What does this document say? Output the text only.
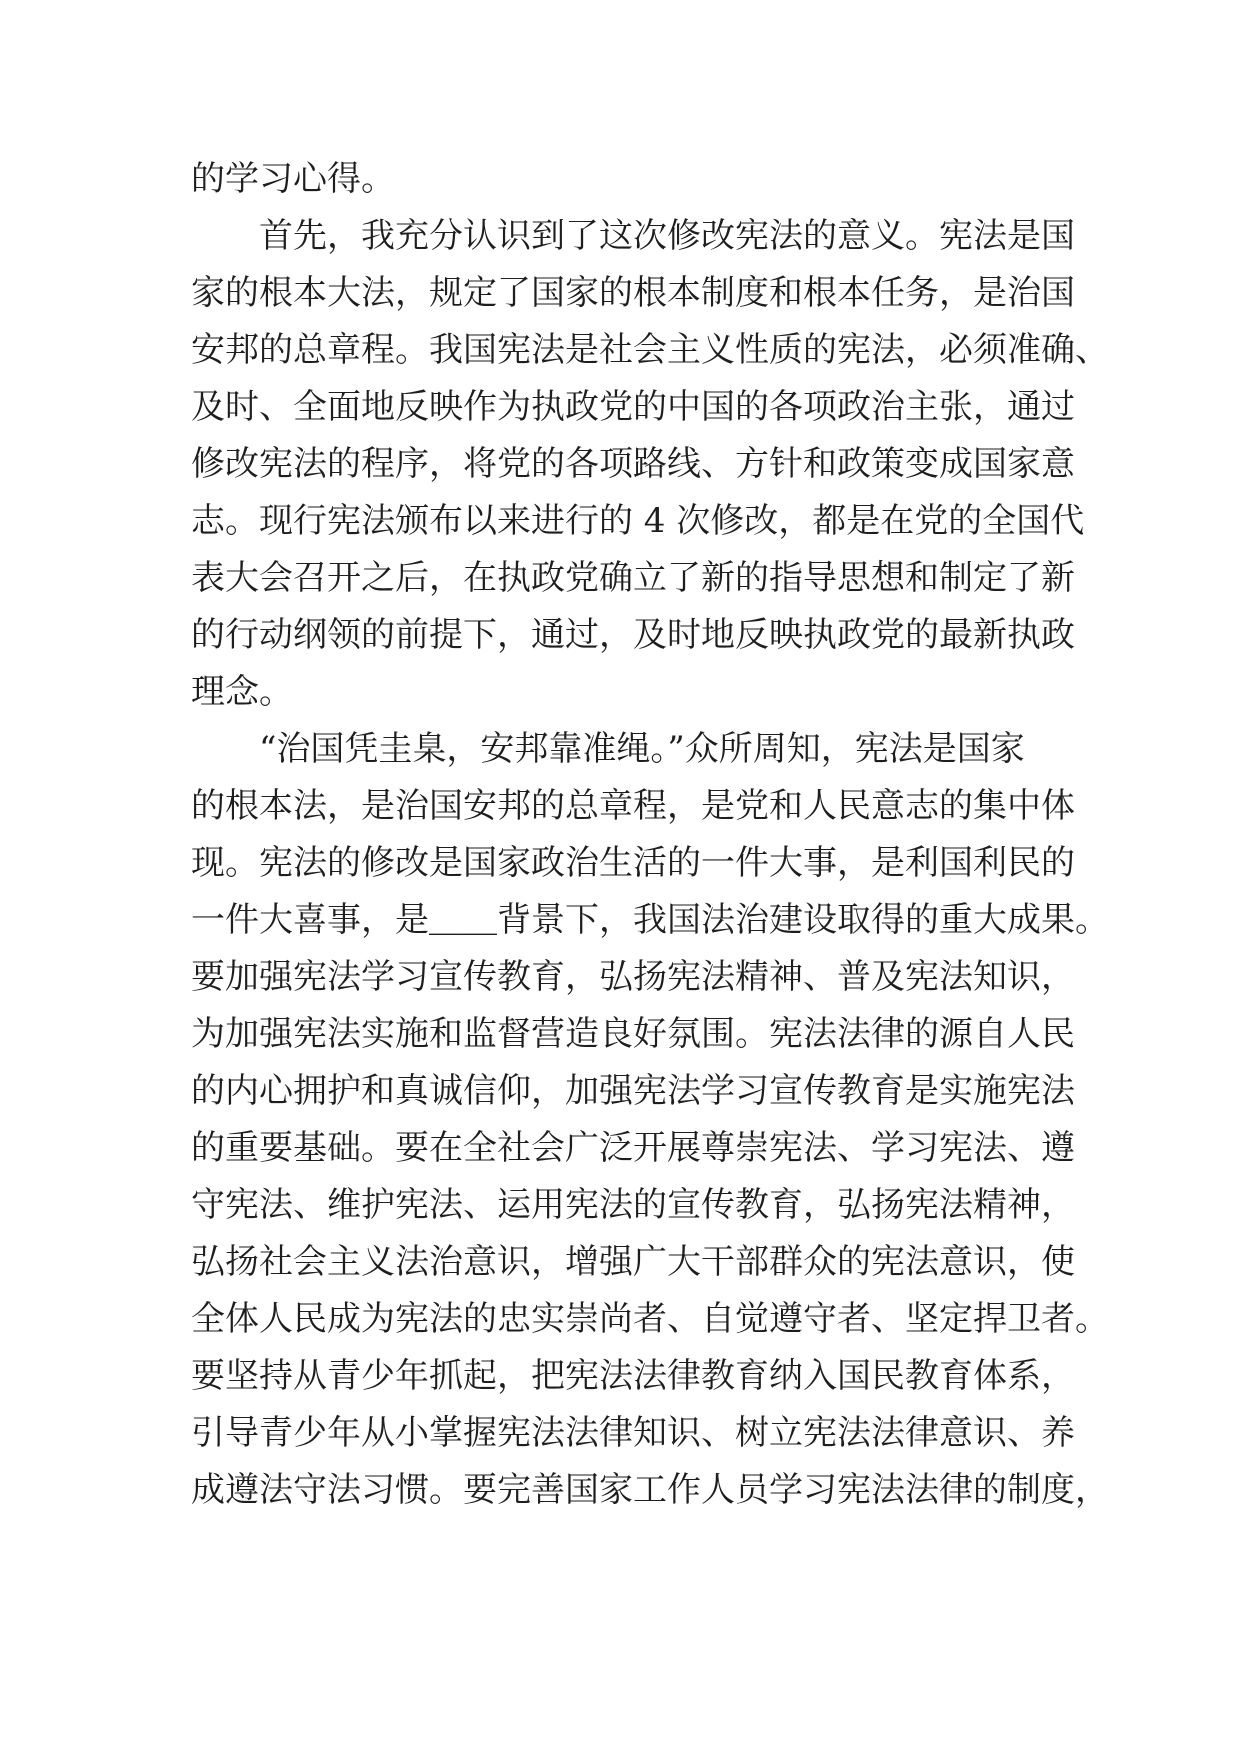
的学习心得。
　　首先，我充分认识到了这次修改宪法的意义。宪法是国
家的根本大法，规定了国家的根本制度和根本任务，是治国
安邦的总章程。我国宪法是社会主义性质的宪法，必须准确、
及时、全面地反映作为执政党的中国的各项政治主张，通过
修改宪法的程序，将党的各项路线、方针和政策变成国家意
志。现行宪法颁布以来进行的 4 次修改，都是在党的全国代
表大会召开之后，在执政党确立了新的指导思想和制定了新
的行动纲领的前提下，通过，及时地反映执政党的最新执政
理念。
　　“治国凭圭臬，安邦靠准绳。”众所周知，宪法是国家
的根本法，是治国安邦的总章程，是党和人民意志的集中体
现。宪法的修改是国家政治生活的一件大事，是利国利民的
一件大喜事，是＿＿背景下，我国法治建设取得的重大成果。
要加强宪法学习宣传教育，弘扬宪法精神、普及宪法知识，
为加强宪法实施和监督营造良好氛围。宪法法律的源自人民
的内心拥护和真诚信仰，加强宪法学习宣传教育是实施宪法
的重要基础。要在全社会广泛开展尊崇宪法、学习宪法、遵
守宪法、维护宪法、运用宪法的宣传教育，弘扬宪法精神，
弘扬社会主义法治意识，增强广大干部群众的宪法意识，使
全体人民成为宪法的忠实崇尚者、自觉遵守者、坚定捍卫者。
要坚持从青少年抓起，把宪法法律教育纳入国民教育体系，
引导青少年从小掌握宪法法律知识、树立宪法法律意识、养
成遵法守法习惯。要完善国家工作人员学习宪法法律的制度，
